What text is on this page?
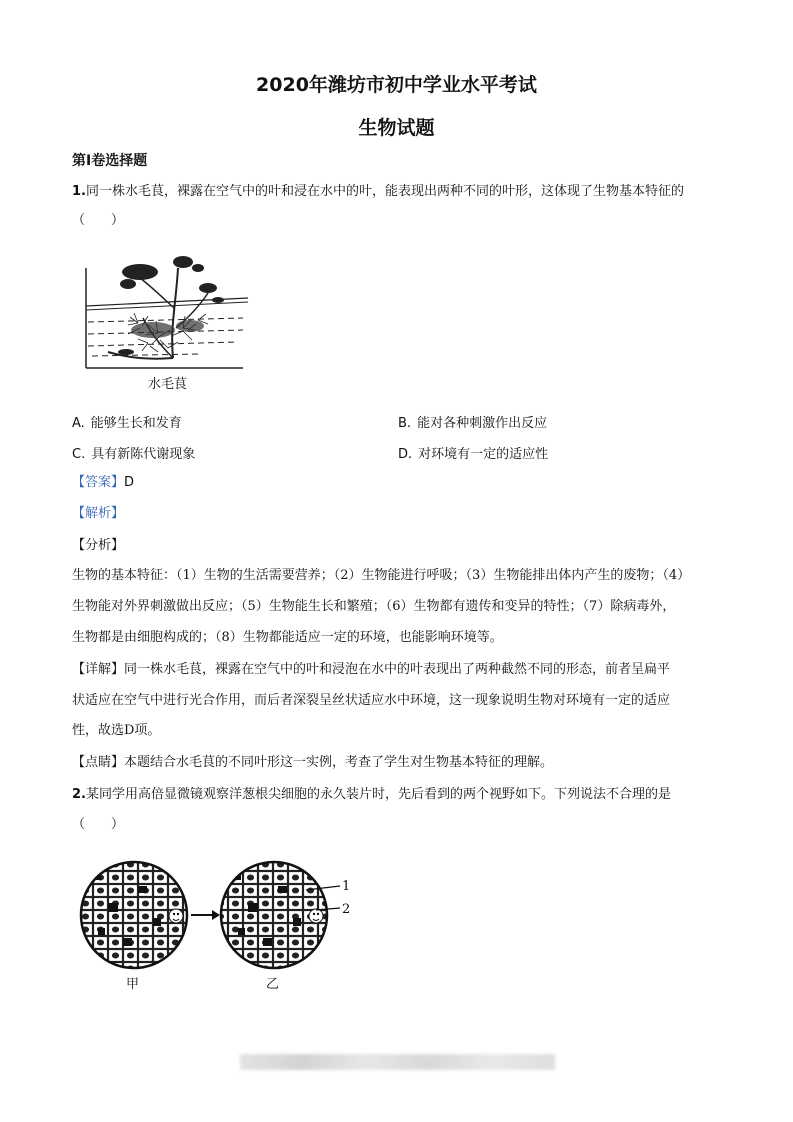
2020年潍坊市初中学业水平考试
生物试题
第Ⅰ卷选择题
1.同一株水毛茛，裸露在空气中的叶和浸在水中的叶，能表现出两种不同的叶形，这体现了生物基本特征的
（　　）
水毛茛
A. 能够生长和发育	B. 能对各种刺激作出反应
C. 具有新陈代谢现象	D. 对环境有一定的适应性
【答案】D
【解析】
【分析】
生物的基本特征：（1）生物的生活需要营养；（2）生物能进行呼吸；（3）生物能排出体内产生的废物；（4）
生物能对外界刺激做出反应；（5）生物能生长和繁殖；（6）生物都有遗传和变异的特性；（7）除病毒外，
生物都是由细胞构成的；（8）生物都能适应一定的环境，也能影响环境等。
【详解】同一株水毛茛，裸露在空气中的叶和浸泡在水中的叶表现出了两种截然不同的形态，前者呈扁平
状适应在空气中进行光合作用，而后者深裂呈丝状适应水中环境，这一现象说明生物对环境有一定的适应
性，故选D项。
【点睛】本题结合水毛茛的不同叶形这一实例，考查了学生对生物基本特征的理解。
2.某同学用高倍显微镜观察洋葱根尖细胞的永久装片时，先后看到的两个视野如下。下列说法不合理的是
（　　）
1
2
甲	乙
